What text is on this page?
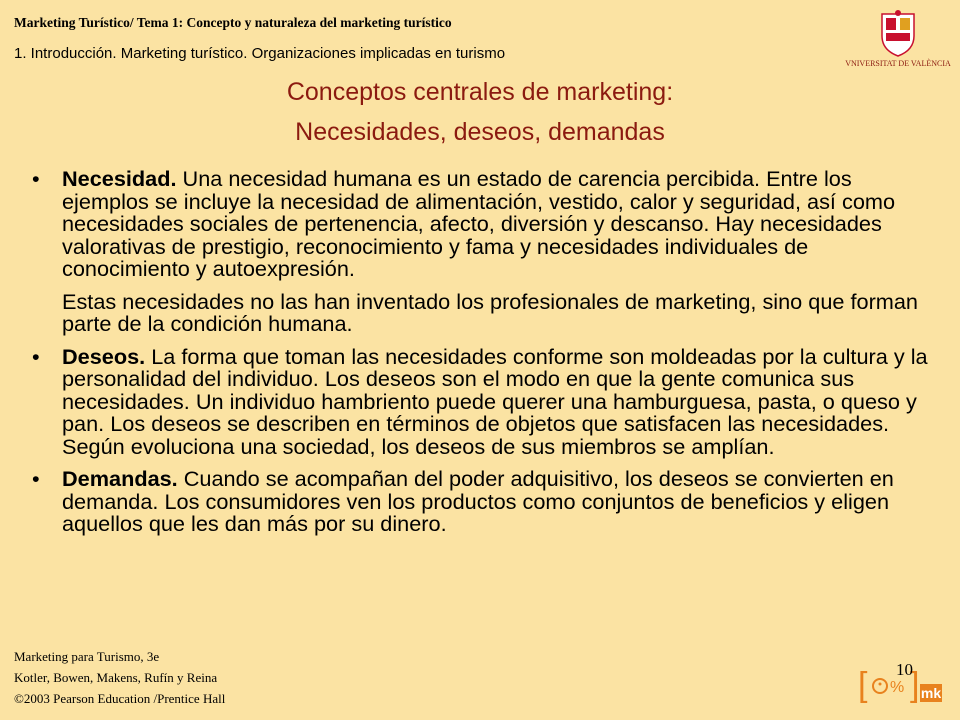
Marketing Turístico/ Tema 1: Concepto y naturaleza del marketing turístico
1. Introducción. Marketing turístico. Organizaciones implicadas en turismo
VNIVERSITAT DE VALÈNCIA
Conceptos centrales de marketing:
Necesidades, deseos, demandas
• Necesidad. Una necesidad humana es un estado de carencia percibida. Entre los ejemplos se incluye la necesidad de alimentación, vestido, calor y seguridad, así como necesidades sociales de pertenencia, afecto, diversión y descanso. Hay necesidades valorativas de prestigio, reconocimiento y fama y necesidades individuales de conocimiento y autoexpresión.
Estas necesidades no las han inventado los profesionales de marketing, sino que forman parte de la condición humana.
• Deseos. La forma que toman las necesidades conforme son moldeadas por la cultura y la personalidad del individuo. Los deseos son el modo en que la gente comunica sus necesidades. Un individuo hambriento puede querer una hamburguesa, pasta, o queso y pan. Los deseos se describen en términos de objetos que satisfacen las necesidades. Según evoluciona una sociedad, los deseos de sus miembros se amplían.
• Demandas. Cuando se acompañan del poder adquisitivo, los deseos se convierten en demanda. Los consumidores ven los productos como conjuntos de beneficios y eligen aquellos que les dan más por su dinero.
Marketing para Turismo, 3e
Kotler, Bowen, Makens, Rufín y Reina
©2003 Pearson Education /Prentice Hall	[ % ] mk
10
